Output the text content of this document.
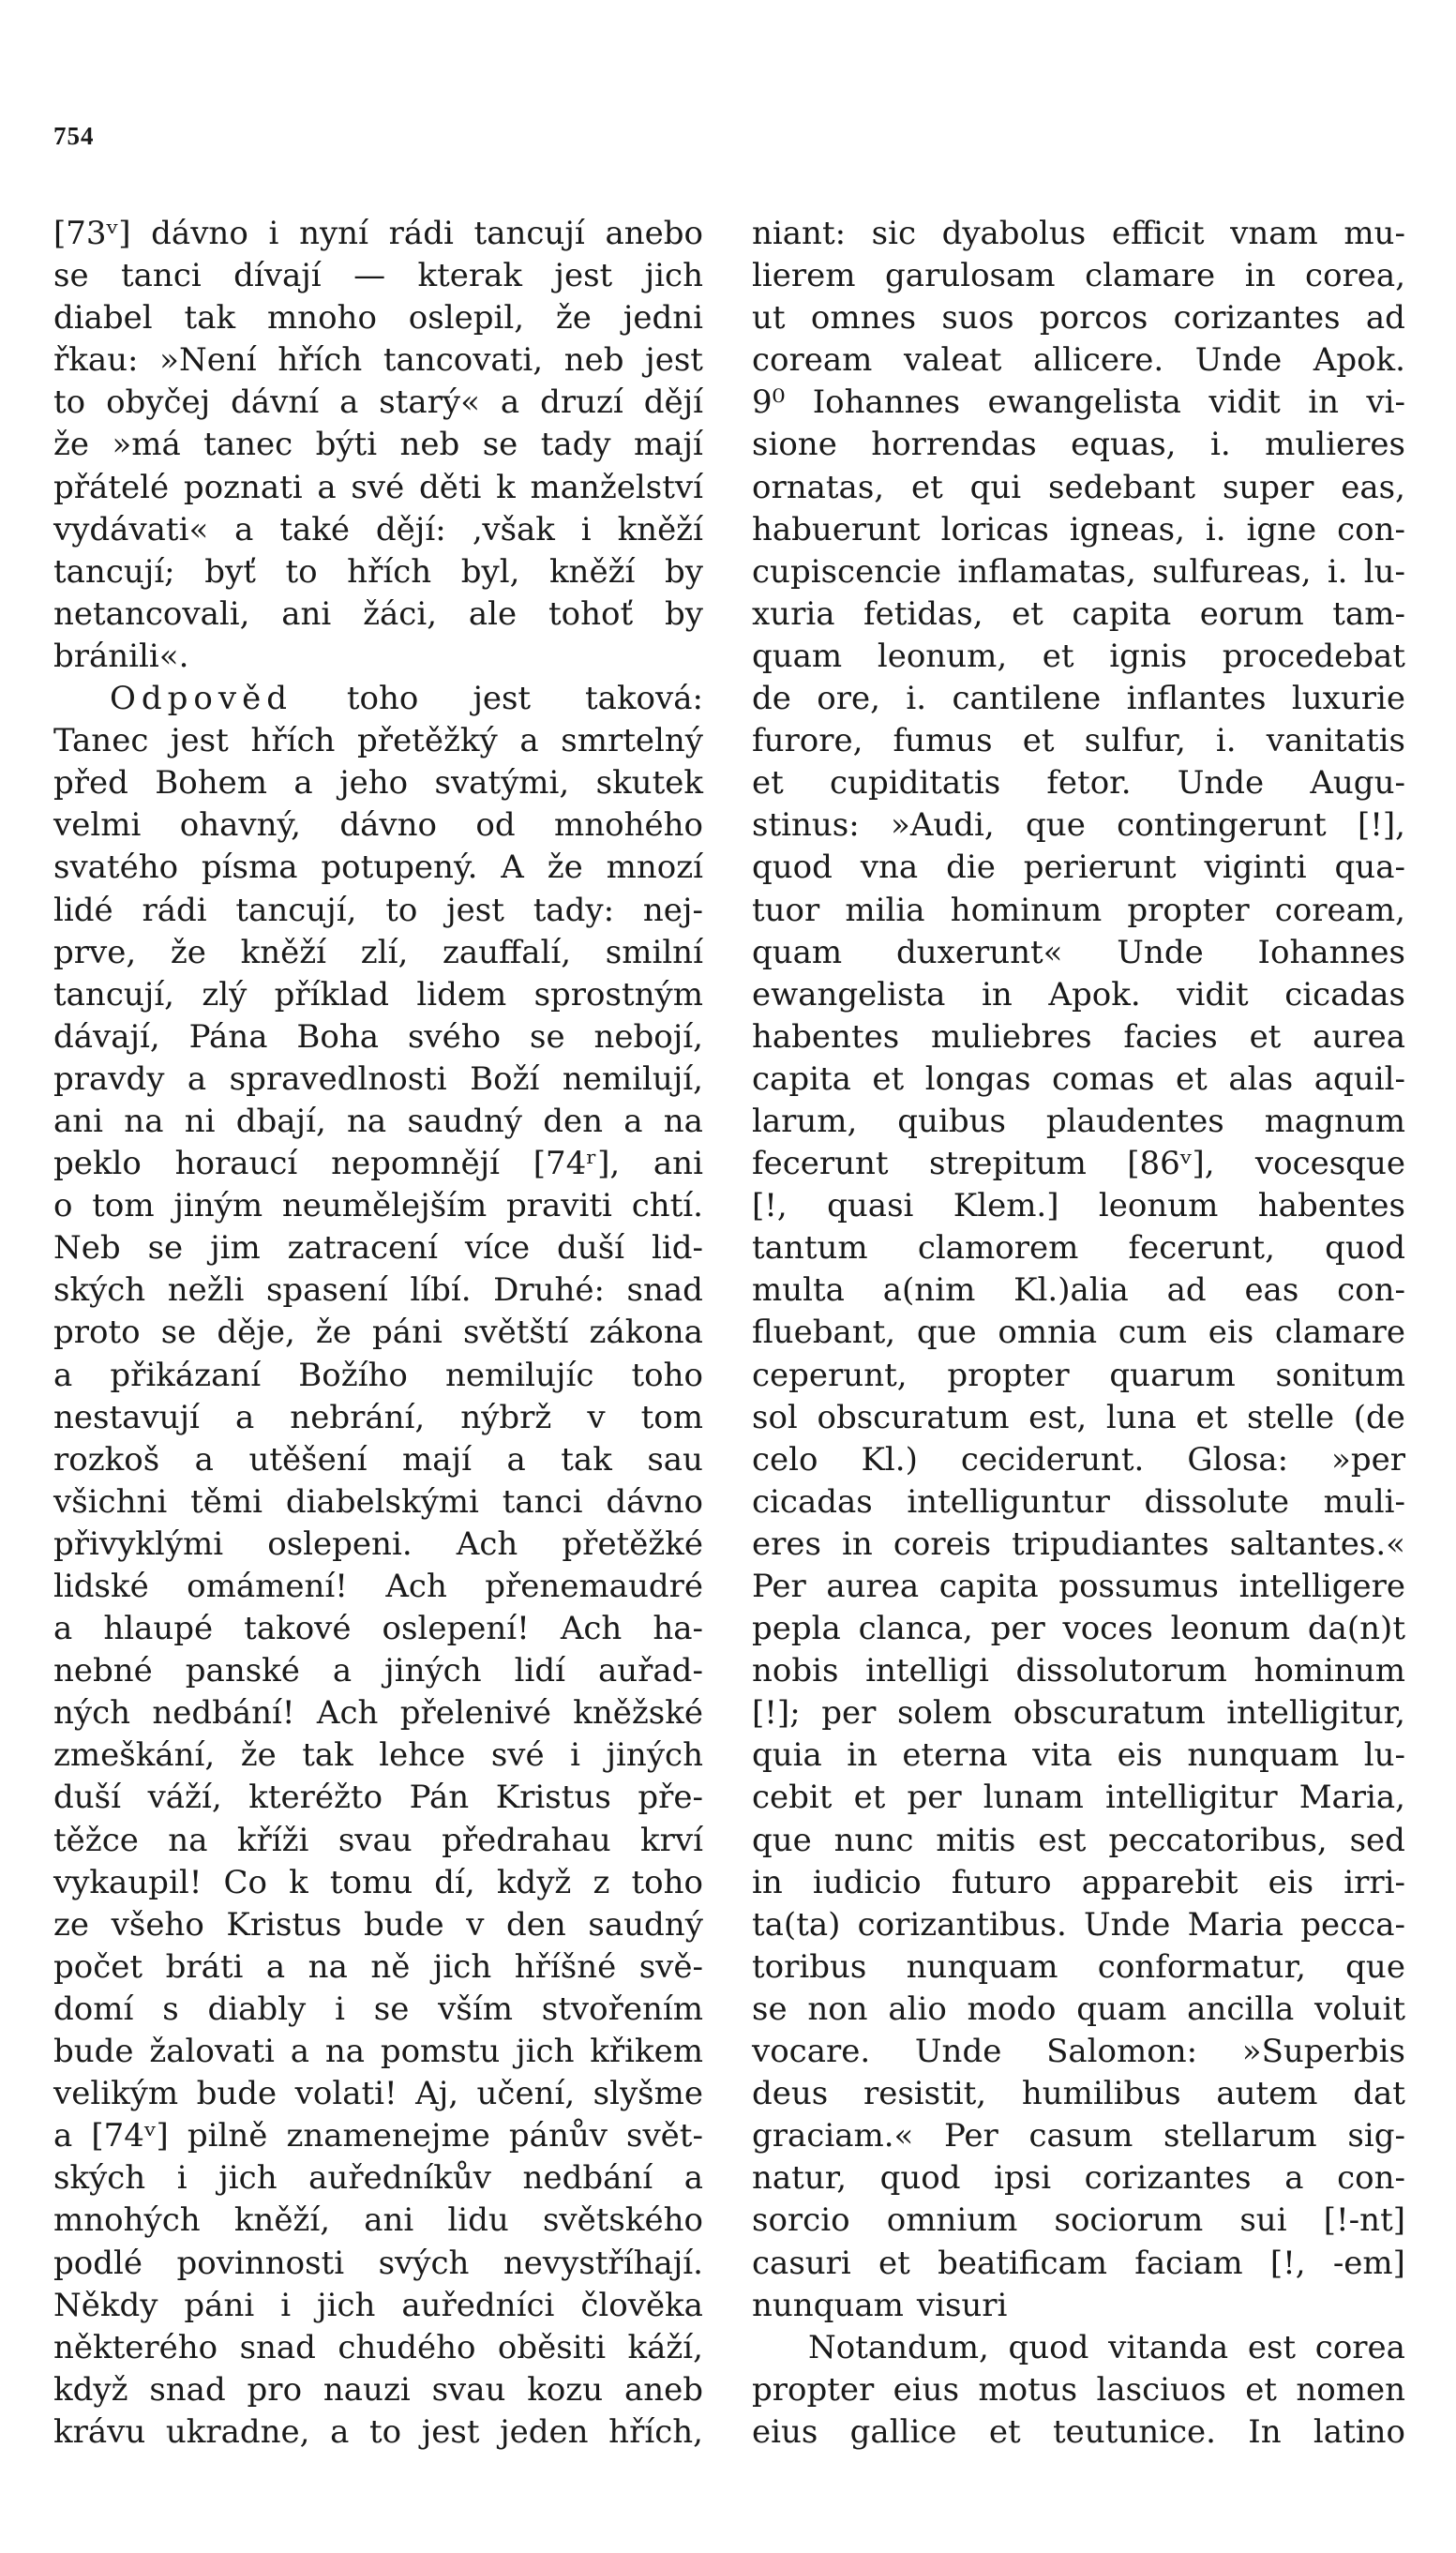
754
[73ᵛ] dávno i nyní rádi tancují anebo
se tanci dívají — kterak jest jich
diabel tak mnoho oslepil, že jedni
řkau: »Není hřích tancovati, neb jest
to obyčej dávní a starý« a druzí dějí
že »má tanec býti neb se tady mají
přátelé poznati a své děti k manželství
vydávati« a také dějí: ‚však i kněží
tancují; byť to hřích byl, kněží by
netancovali, ani žáci, ale tohoť by
bránili«.
Odpověd toho jest taková:
Tanec jest hřích přetěžký a smrtelný
před Bohem a jeho svatými, skutek
velmi ohavný, dávno od mnohého
svatého písma potupený. A že mnozí
lidé rádi tancují, to jest tady: nej-
prve, že kněží zlí, zauffalí, smilní
tancují, zlý příklad lidem sprostným
dávají, Pána Boha svého se nebojí,
pravdy a spravedlnosti Boží nemilují,
ani na ni dbají, na saudný den a na
peklo horaucí nepomnějí [74ʳ], ani
o tom jiným neumělejším praviti chtí.
Neb se jim zatracení více duší lid-
ských nežli spasení líbí. Druhé: snad
proto se děje, že páni světští zákona
a přikázaní Božího nemilujíc toho
nestavují a nebrání, nýbrž v tom
rozkoš a utěšení mají a tak sau
všichni těmi diabelskými tanci dávno
přivyklými oslepeni. Ach přetěžké
lidské omámení! Ach přenemaudré
a hlaupé takové oslepení! Ach ha-
nebné panské a jiných lidí auřad-
ných nedbání! Ach přelenivé kněžské
zmeškání, že tak lehce své i jiných
duší váží, kteréžto Pán Kristus pře-
těžce na kříži svau předrahau krví
vykaupil! Co k tomu dí, když z toho
ze všeho Kristus bude v den saudný
počet bráti a na ně jich hříšné svě-
domí s diably i se vším stvořením
bude žalovati a na pomstu jich křikem
velikým bude volati! Aj, učení, slyšme
a [74ᵛ] pilně znamenejme pánův svět-
ských i jich auředníkův nedbání a
mnohých kněží, ani lidu světského
podlé povinnosti svých nevystříhají.
Někdy páni i jich auředníci člověka
některého snad chudého oběsiti káží,
když snad pro nauzi svau kozu aneb
krávu ukradne, a to jest jeden hřích,
niant: sic dyabolus efficit vnam mu-
lierem garulosam clamare in corea,
ut omnes suos porcos corizantes ad
coream valeat allicere. Unde Apok.
9⁰ Iohannes ewangelista vidit in vi-
sione horrendas equas, i. mulieres
ornatas, et qui sedebant super eas,
habuerunt loricas igneas, i. igne con-
cupiscencie inflamatas, sulfureas, i. lu-
xuria fetidas, et capita eorum tam-
quam leonum, et ignis procedebat
de ore, i. cantilene inflantes luxurie
furore, fumus et sulfur, i. vanitatis
et cupiditatis fetor. Unde Augu-
stinus: »Audi, que contingerunt [!],
quod vna die perierunt viginti qua-
tuor milia hominum propter coream,
quam duxerunt« Unde Iohannes
ewangelista in Apok. vidit cicadas
habentes muliebres facies et aurea
capita et longas comas et alas aquil-
larum, quibus plaudentes magnum
fecerunt strepitum [86ᵛ], vocesque
[!, quasi Klem.] leonum habentes
tantum clamorem fecerunt, quod
multa a(nim Kl.)alia ad eas con-
fluebant, que omnia cum eis clamare
ceperunt, propter quarum sonitum
sol obscuratum est, luna et stelle (de
celo Kl.) ceciderunt. Glosa: »per
cicadas intelliguntur dissolute muli-
eres in coreis tripudiantes saltantes.«
Per aurea capita possumus intelligere
pepla clanca, per voces leonum da(n)t
nobis intelligi dissolutorum hominum
[!]; per solem obscuratum intelligitur,
quia in eterna vita eis nunquam lu-
cebit et per lunam intelligitur Maria,
que nunc mitis est peccatoribus, sed
in iudicio futuro apparebit eis irri-
ta(ta) corizantibus. Unde Maria pecca-
toribus nunquam conformatur, que
se non alio modo quam ancilla voluit
vocare. Unde Salomon: »Superbis
deus resistit, humilibus autem dat
graciam.« Per casum stellarum sig-
natur, quod ipsi corizantes a con-
sorcio omnium sociorum sui [!-nt]
casuri et beatificam faciam [!, -em]
nunquam visuri
Notandum, quod vitanda est corea
propter eius motus lasciuos et nomen
eius gallice et teutunice. In latino
